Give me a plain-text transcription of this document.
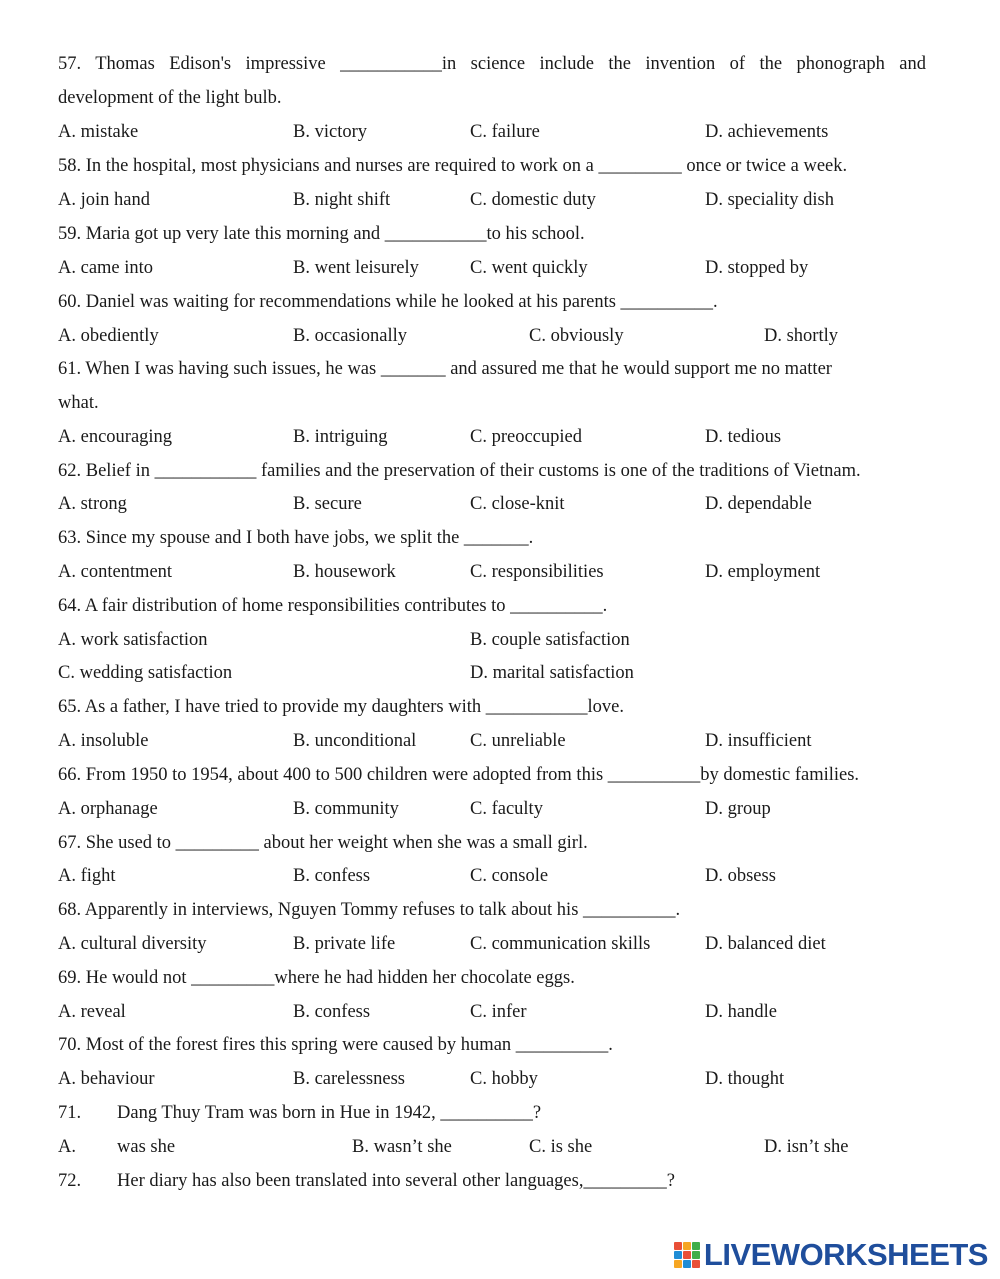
57. Thomas Edison's impressive ___________in science include the invention of the phonograph and
development of the light bulb.
A. mistake	B. victory	C. failure	D. achievements
58. In the hospital, most physicians and nurses are required to work on a _________ once or twice a week.
A. join hand	B. night shift	C. domestic duty	D. speciality dish
59. Maria got up very late this morning and ___________to his school.
A. came into	B. went leisurely	C. went quickly	D. stopped by
60. Daniel was waiting for recommendations while he looked at his parents __________.
A. obediently	B. occasionally	C. obviously	D. shortly
61. When I was having such issues, he was _______ and assured me that he would support me no matter
what.
A. encouraging	B. intriguing	C. preoccupied	D. tedious
62. Belief in ___________ families and the preservation of their customs is one of the traditions of Vietnam.
A. strong	B. secure	C. close-knit	D. dependable
63. Since my spouse and I both have jobs, we split the _______.
A. contentment	B. housework	C. responsibilities	D. employment
64. A fair distribution of home responsibilities contributes to __________.
A. work satisfaction	B. couple satisfaction
C. wedding satisfaction	D. marital satisfaction
65. As a father, I have tried to provide my daughters with ___________love.
A. insoluble	B. unconditional	C. unreliable	D. insufficient
66. From 1950 to 1954, about 400 to 500 children were adopted from this __________by domestic families.
A. orphanage	B. community	C. faculty	D. group
67. She used to _________ about her weight when she was a small girl.
A. fight	B. confess	C. console	D. obsess
68. Apparently in interviews, Nguyen Tommy refuses to talk about his __________.
A. cultural diversity	B. private life	C. communication skills	D. balanced diet
69. He would not _________where he had hidden her chocolate eggs.
A. reveal	B. confess	C. infer	D. handle
70. Most of the forest fires this spring were caused by human __________.
A. behaviour	B. carelessness	C. hobby	D. thought
71. Dang Thuy Tram was born in Hue in 1942, __________?
A. was she	B. wasn’t she	C. is she	D. isn’t she
72. Her diary has also been translated into several other languages,_________?
LIVEWORKSHEETS
